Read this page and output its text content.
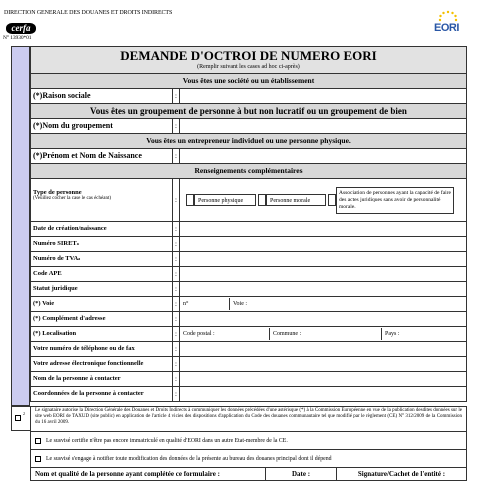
DIRECTION GENERALE DES DOUANES ET DROITS INDIRECTS
cerfa
N° 13930*01
EORI
DEMANDE D'OCTROI DE NUMERO EORI
(Remplir suivant les cases ad hoc ci-après)
Vous êtes une société ou un établissement
(*)Raison sociale	:
Vous êtes un groupement de personne à but non lucratif ou un groupement de bien
(*)Nom du groupement	:
Vous êtes un entrepreneur individuel ou une personne physique.
(*)Prénom et Nom de Naissance	:
Renseignements complémentaires
Type de personne
(Veuillez cocher la case le cas échéant)	:	Personne physique	Personne morale
Association de personnes ayant la capacité de faire des actes juridiques sans avoir de personnalité morale.
Date de création/naissance	:
Numéro SIRET$^a$	:
Numéro de TVA$^a$	:
Code APE	:
Statut juridique	:
(*) Voie	:	n°	Voie :
(*) Complément d'adresse	:
(*) Localisation	:	Code postal :	Commune :	Pays :
Votre numéro de téléphone ou de fax	:
Votre adresse électronique fonctionnelle	:
Nom de la personne à contacter	:
Coordonnées de la personne à contacter	:
2
Le signataire autorise la Direction Générale des Douanes et Droits Indirects à communiquer les données précédées d'une astérisque (*) à la Commission Européenne en vue de la publication desdites données sur le site web EORI de TAXUD (site public) en application de l'article 4 vicies des dispositions d'application du Code des douanes communautaire tel que modifié par le règlement (CE) N° 312/2009 de la Commission du 16 avril 2009.
Le susvisé certifie n'être pas encore immatriculé en qualité d'EORI dans un autre Etat-membre de la CE.
Le susvisé s'engage à notifier toute modification des données de la présente au bureau des douanes principal dont il dépend
Nom et qualité de la personne ayant complétée ce formulaire :	Date :	Signature/Cachet de l'entité :
